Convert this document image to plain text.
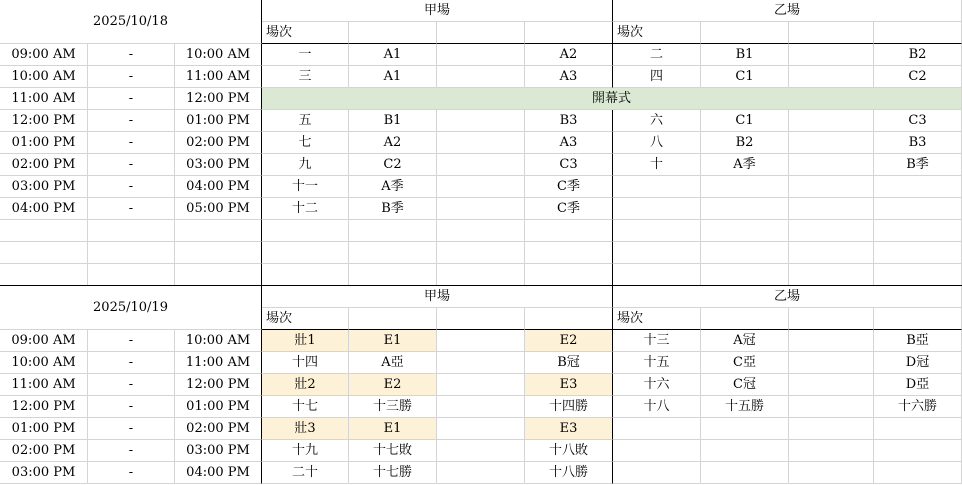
2025/10/18
甲場	乙場
場次	場次
09:00 AM	-	10:00 AM	一	A1	A2	二	B1	B2
10:00 AM	-	11:00 AM	三	A1	A3	四	C1	C2
11:00 AM	-	12:00 PM	開幕式
12:00 PM	-	01:00 PM	五	B1	B3	六	C1	C3
01:00 PM	-	02:00 PM	七	A2	A3	八	B2	B3
02:00 PM	-	03:00 PM	九	C2	C3	十	A季	B季
03:00 PM	-	04:00 PM	十一	A季	C季
04:00 PM	-	05:00 PM	十二	B季	C季
2025/10/19
甲場	乙場
場次	場次
09:00 AM	-	10:00 AM	壯1	E1	E2	十三	A冠	B亞
10:00 AM	-	11:00 AM	十四	A亞	B冠	十五	C亞	D冠
11:00 AM	-	12:00 PM	壯2	E2	E3	十六	C冠	D亞
12:00 PM	-	01:00 PM	十七	十三勝	十四勝	十八	十五勝	十六勝
01:00 PM	-	02:00 PM	壯3	E1	E3
02:00 PM	-	03:00 PM	十九	十七敗	十八敗
03:00 PM	-	04:00 PM	二十	十七勝	十八勝
